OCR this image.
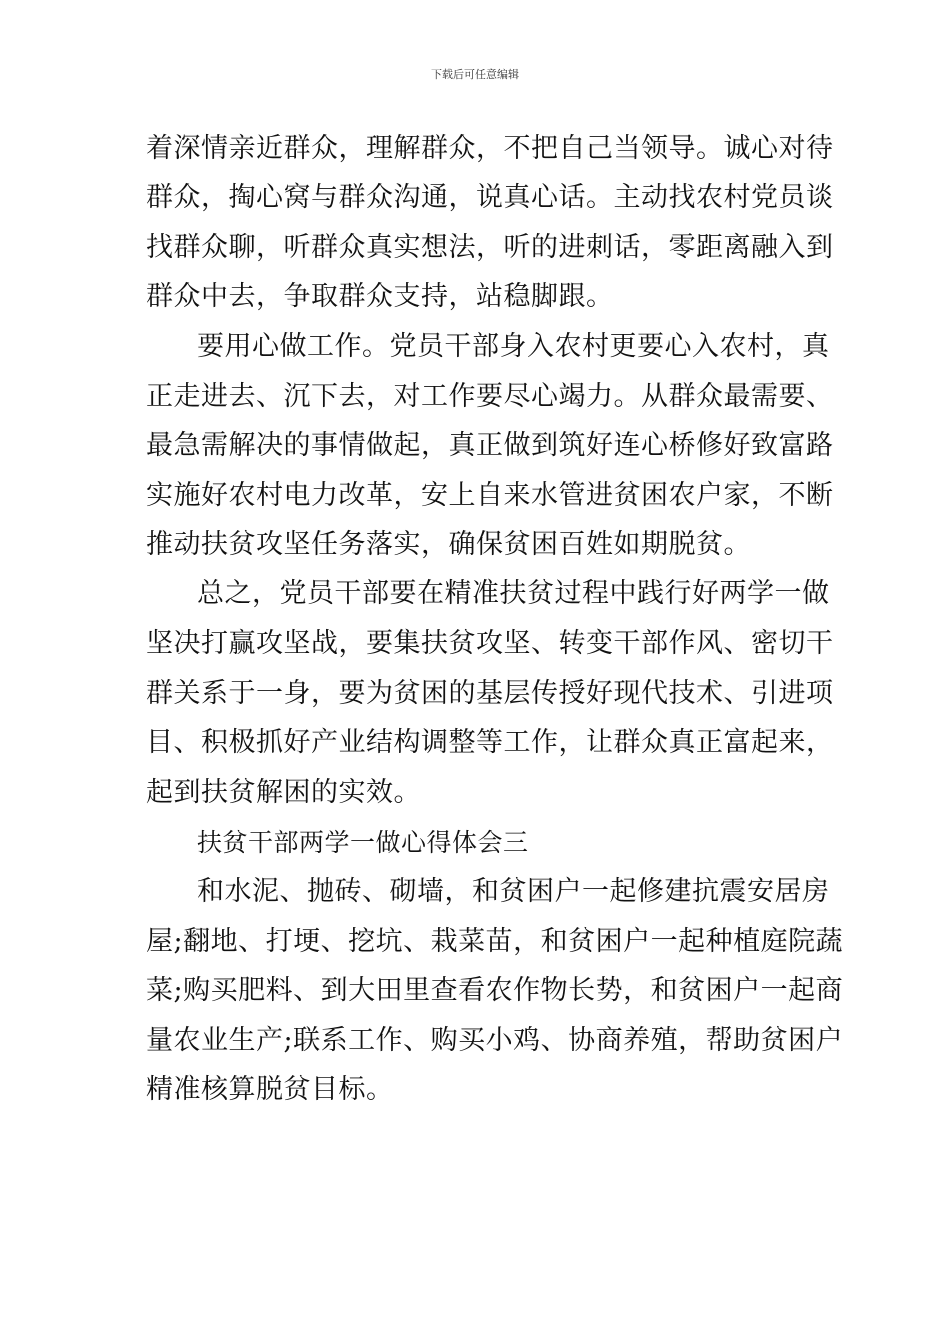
下载后可任意编辑
着深情亲近群众，理解群众，不把自己当领导。诚心对待
群众，掏心窝与群众沟通，说真心话。主动找农村党员谈
找群众聊，听群众真实想法，听的进刺话，零距离融入到
群众中去，争取群众支持，站稳脚跟。
要用心做工作。党员干部身入农村更要心入农村，真
正走进去、沉下去，对工作要尽心竭力。从群众最需要、
最急需解决的事情做起，真正做到筑好连心桥修好致富路
实施好农村电力改革，安上自来水管进贫困农户家，不断
推动扶贫攻坚任务落实，确保贫困百姓如期脱贫。
总之，党员干部要在精准扶贫过程中践行好两学一做
坚决打赢攻坚战，要集扶贫攻坚、转变干部作风、密切干
群关系于一身，要为贫困的基层传授好现代技术、引进项
目、积极抓好产业结构调整等工作，让群众真正富起来，
起到扶贫解困的实效。
扶贫干部两学一做心得体会三
和水泥、抛砖、砌墙，和贫困户一起修建抗震安居房
屋;翻地、打埂、挖坑、栽菜苗，和贫困户一起种植庭院蔬
菜;购买肥料、到大田里查看农作物长势，和贫困户一起商
量农业生产;联系工作、购买小鸡、协商养殖，帮助贫困户
精准核算脱贫目标。
